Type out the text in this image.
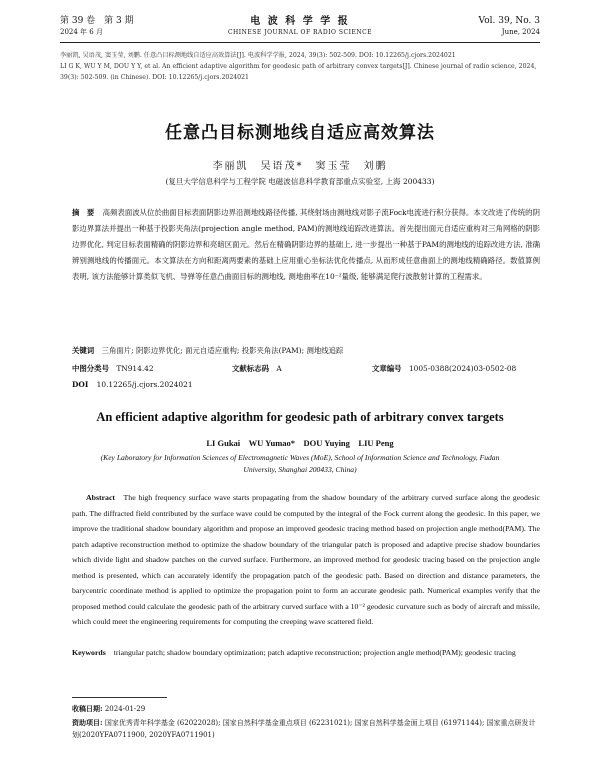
第 39 卷　第 3 期
2024 年 6 月
电 波 科 学 学 报
CHINESE JOURNAL OF RADIO SCIENCE
Vol. 39, No. 3
June, 2024
李丽凯, 吴语茂, 窦玉莹, 刘鹏. 任意凸目标测地线自适应高效算法[J]. 电波科学学报, 2024, 39(3): 502-509. DOI: 10.12265/j.cjors.2024021
LI G K, WU Y M, DOU Y Y, et al. An efficient adaptive algorithm for geodesic path of arbitrary convex targets[J]. Chinese journal of radio science, 2024, 39(3): 502-509. (in Chinese). DOI: 10.12265/j.cjors.2024021
任意凸目标测地线自适应高效算法
李丽凯　吴语茂*　窦玉莹　刘鹏
(复旦大学信息科学与工程学院 电磁波信息科学教育部重点实验室, 上海 200433)
摘　要 高频表面波从位於曲面目标表面阴影边界沿测地线路径传播, 其绕射场由测地线对影子流Fock电流进行积分获得。本文改进了传统的阴影边界算法并提出一种基于投影夹角法(projection angle method, PAM)的测地线追踪改进算法。首先提出面元自适应重构对三角网格的阴影边界优化, 判定目标表面精确的阴影边界和亮暗区面元。然后在精确阴影边界的基础上, 进一步提出一种基于PAM的测地线的追踪改进方法, 准确辨别测地线的传播面元。本文算法在方向和距离两要素的基础上应用重心坐标法优化传播点, 从而形成任意曲面上的测地线精确路径。数值算例表明, 该方法能够计算类似飞机、导弹等任意凸曲面目标的测地线, 测地曲率在10⁻²量级, 能够满足爬行波散射计算的工程需求。
关键词 三角面片; 阴影边界优化; 面元自适应重构; 投影夹角法(PAM); 测地线追踪
中图分类号 TN914.42	文献标志码 A	文章编号 1005-0388(2024)03-0502-08
DOI 10.12265/j.cjors.2024021
An efficient adaptive algorithm for geodesic path of arbitrary convex targets
LI Gukai　WU Yumao*　DOU Yuying　LIU Peng
(Key Laboratory for Information Sciences of Electromagnetic Waves (MoE), School of Information Science and Technology, Fudan University, Shanghai 200433, China)
Abstract The high frequency surface wave starts propagating from the shadow boundary of the arbitrary curved surface along the geodesic path. The diffracted field contributed by the surface wave could be computed by the integral of the Fock current along the geodesic. In this paper, we improve the traditional shadow boundary algorithm and propose an improved geodesic tracing method based on projection angle method(PAM). The patch adaptive reconstruction method to optimize the shadow boundary of the triangular patch is proposed and adaptive precise shadow boundaries which divide light and shadow patches on the curved surface. Furthermore, an improved method for geodesic tracing based on the projection angle method is presented, which can accurately identify the propagation patch of the geodesic path. Based on direction and distance parameters, the barycentric coordinate method is applied to optimize the propagation point to form an accurate geodesic path. Numerical examples verify that the proposed method could calculate the geodesic path of the arbitrary curved surface with a 10⁻² geodesic curvature such as body of aircraft and missile, which could meet the engineering requirements for computing the creeping wave scattered field.
Keywords triangular patch; shadow boundary optimization; patch adaptive reconstruction; projection angle method(PAM); geodesic tracing
收稿日期: 2024-01-29
资助项目: 国家优秀青年科学基金 (62022028); 国家自然科学基金重点项目 (62231021); 国家自然科学基金面上项目 (61971144); 国家重点研发计划(2020YFA0711900, 2020YFA0711901)
